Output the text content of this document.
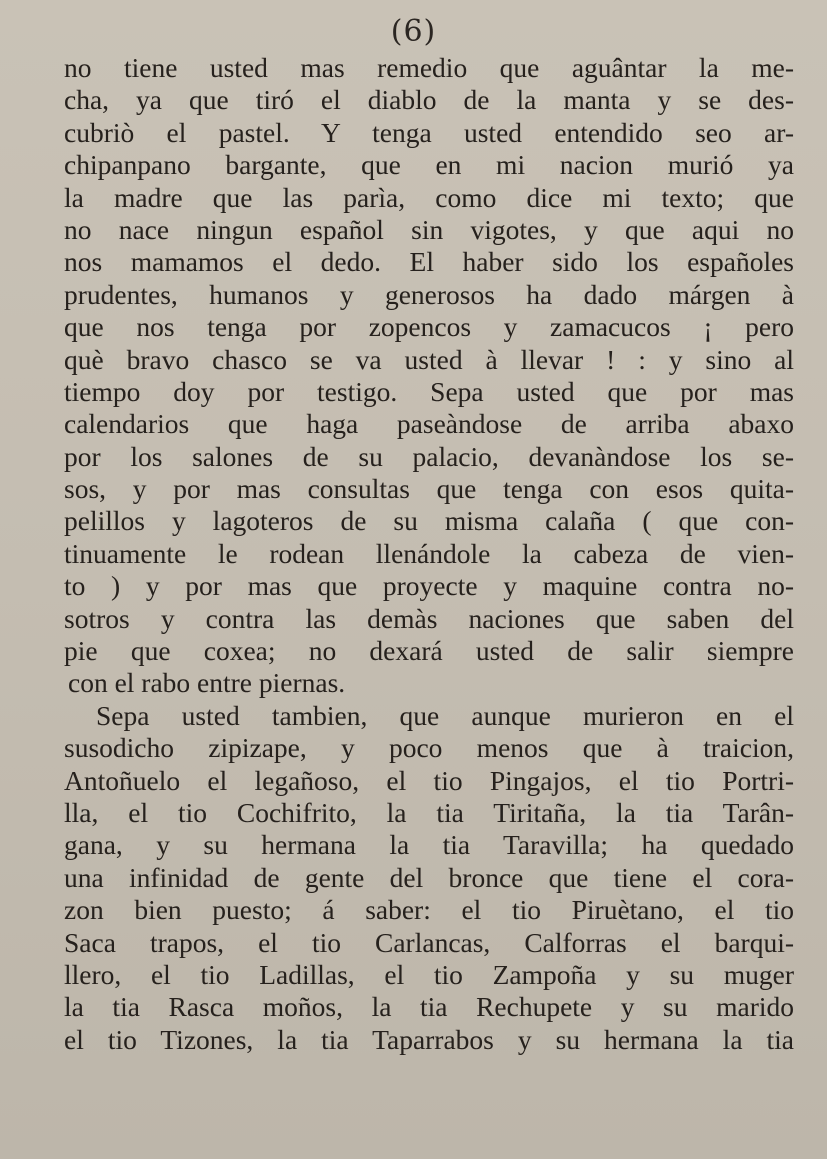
(6)
no tiene usted mas remedio que aguântar la me-
cha, ya que tiró el diablo de la manta y se des-
cubriò el pastel. Y tenga usted entendido seo ar-
chipanpano bargante, que en mi nacion murió ya
la madre que las parìa, como dice mi texto; que
no nace ningun español sin vigotes, y que aqui no
nos mamamos el dedo. El haber sido los españoles
prudentes, humanos y generosos ha dado márgen à
que nos tenga por zopencos y zamacucos ¡ pero
què bravo chasco se va usted à llevar ! : y sino al
tiempo doy por testigo. Sepa usted que por mas
calendarios que haga paseàndose de arriba abaxo
por los salones de su palacio, devanàndose los se-
sos, y por mas consultas que tenga con esos quita-
pelillos y lagoteros de su misma calaña ( que con-
tinuamente le rodean llenándole la cabeza de vien-
to ) y por mas que proyecte y maquine contra no-
sotros y contra las demàs naciones que saben del
pie que coxea; no dexará usted de salir siempre
con el rabo entre piernas.
Sepa usted tambien, que aunque murieron en el
susodicho zipizape, y poco menos que à traicion,
Antoñuelo el legañoso, el tio Pingajos, el tio Portri-
lla, el tio Cochifrito, la tia Tiritaña, la tia Tarân-
gana, y su hermana la tia Taravilla; ha quedado
una infinidad de gente del bronce que tiene el cora-
zon bien puesto; á saber: el tio Piruètano, el tio
Saca trapos, el tio Carlancas, Calforras el barqui-
llero, el tio Ladillas, el tio Zampoña y su muger
la tia Rasca moños, la tia Rechupete y su marido
el tio Tizones, la tia Taparrabos y su hermana la tia
